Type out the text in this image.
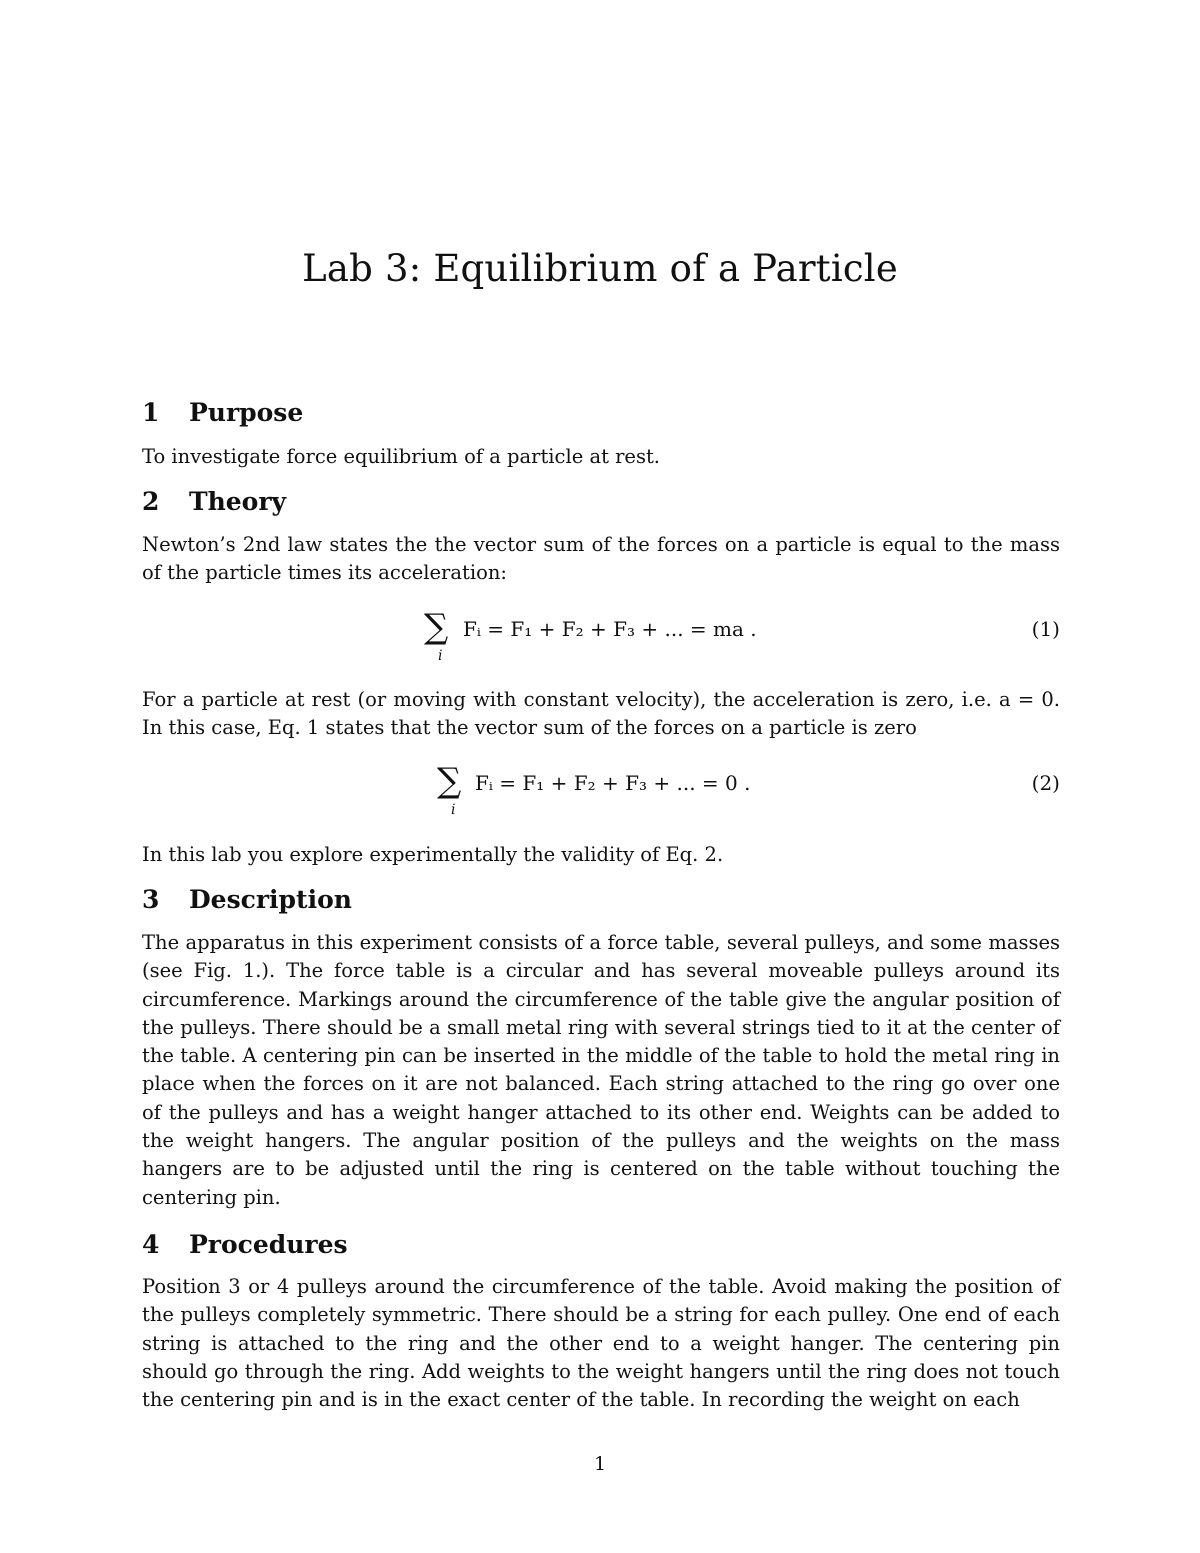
Lab 3: Equilibrium of a Particle
1 Purpose

To investigate force equilibrium of a particle at rest.

2 Theory

Newton’s 2nd law states the the vector sum of the forces on a particle is equal to the mass of the particle times its acceleration:

∑
i
Fᵢ = F₁ + F₂ + F₃ + ... = ma .	(1)

For a particle at rest (or moving with constant velocity), the acceleration is zero, i.e. a = 0. In this case, Eq. 1 states that the vector sum of the forces on a particle is zero

∑
i
Fᵢ = F₁ + F₂ + F₃ + ... = 0 .	(2)

In this lab you explore experimentally the validity of Eq. 2.

3 Description

The apparatus in this experiment consists of a force table, several pulleys, and some masses (see Fig. 1.). The force table is a circular and has several moveable pulleys around its circumference. Markings around the circumference of the table give the angular position of the pulleys. There should be a small metal ring with several strings tied to it at the center of the table. A centering pin can be inserted in the middle of the table to hold the metal ring in place when the forces on it are not balanced. Each string attached to the ring go over one of the pulleys and has a weight hanger attached to its other end. Weights can be added to the weight hangers. The angular position of the pulleys and the weights on the mass hangers are to be adjusted until the ring is centered on the table without touching the centering pin.

4 Procedures

Position 3 or 4 pulleys around the circumference of the table. Avoid making the position of the pulleys completely symmetric. There should be a string for each pulley. One end of each string is attached to the ring and the other end to a weight hanger. The centering pin should go through the ring. Add weights to the weight hangers until the ring does not touch the centering pin and is in the exact center of the table. In recording the weight on each

1
